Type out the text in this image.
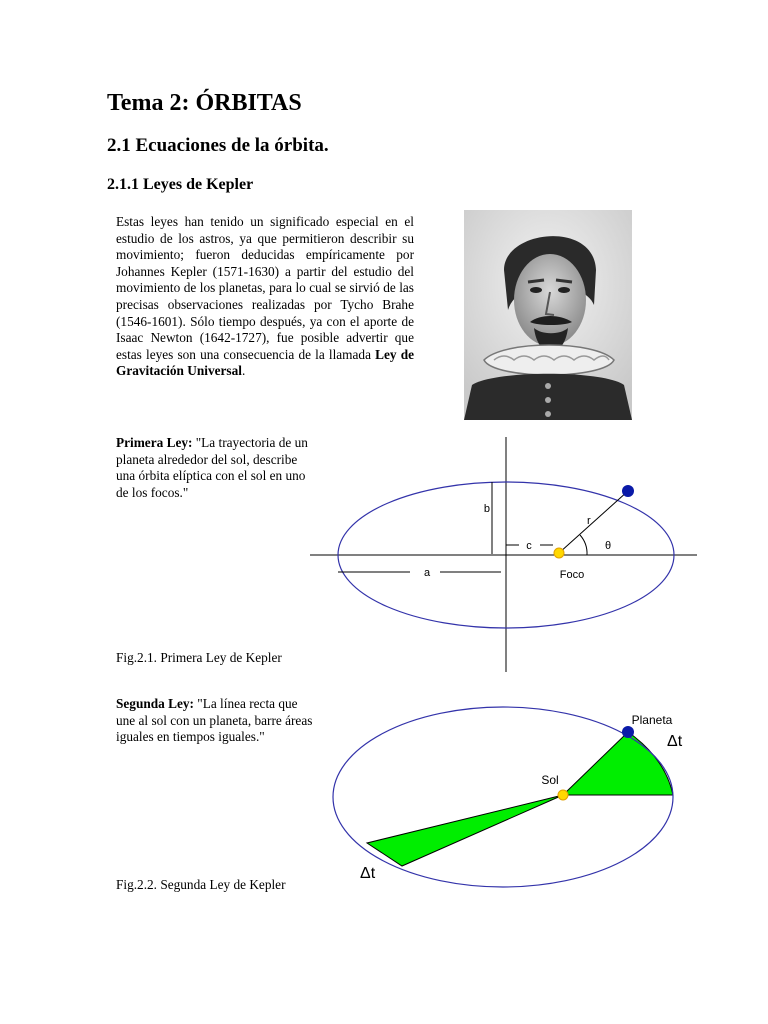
Tema 2: ÓRBITAS
2.1 Ecuaciones de la órbita.
2.1.1 Leyes de Kepler
Estas leyes han tenido un significado especial en el estudio de los astros, ya que permitieron describir su movimiento; fueron deducidas empíricamente por Johannes Kepler (1571-1630) a partir del estudio del movimiento de los planetas, para lo cual se sirvió de las precisas observaciones realizadas por Tycho Brahe (1546-1601). Sólo tiempo después, ya con el aporte de Isaac Newton (1642-1727), fue posible advertir que estas leyes son una consecuencia de la llamada Ley de Gravitación Universal.
Primera Ley: "La trayectoria de un planeta alrededor del sol, describe una órbita elíptica con el sol en uno de los focos."
b
c
a
r
θ
Foco
Fig.2.1. Primera Ley de Kepler
Segunda Ley: "La línea recta que une al sol con un planeta, barre áreas iguales en tiempos iguales."
Sol
Planeta
Δt
Δt
Fig.2.2. Segunda Ley de Kepler
